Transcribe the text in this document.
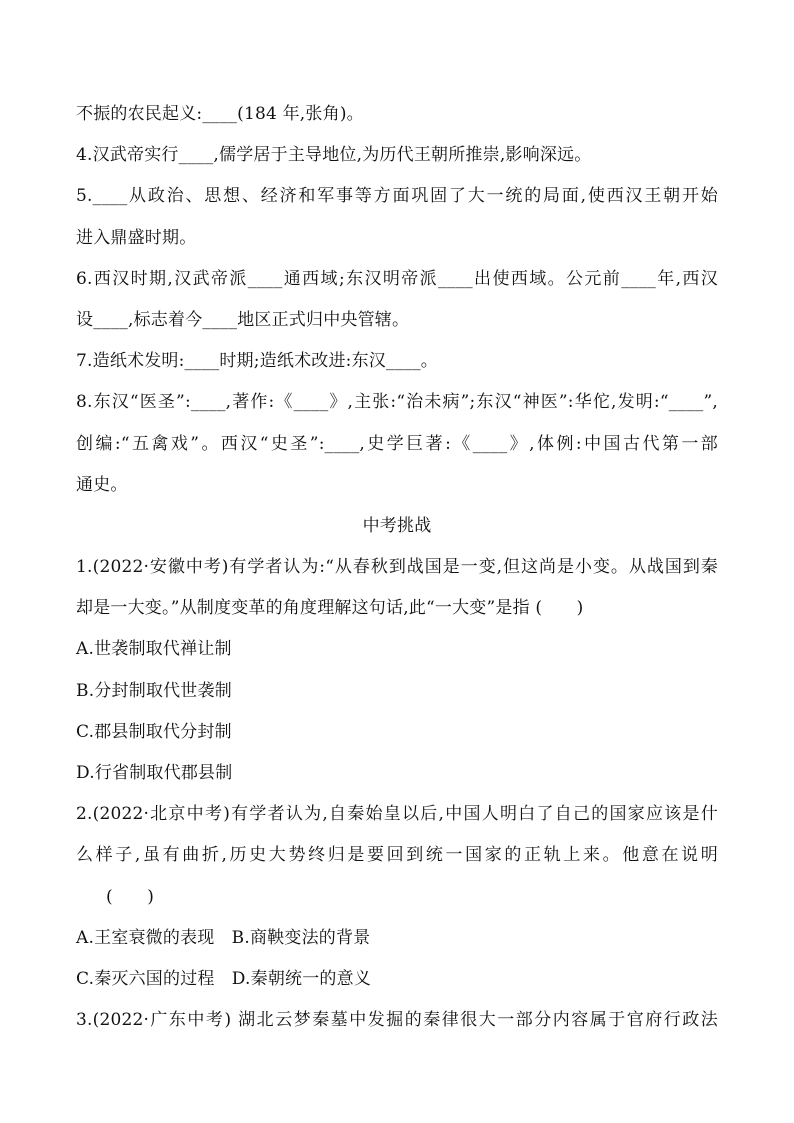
不振的农民起义:____(184 年,张角)。
4.汉武帝实行____,儒学居于主导地位,为历代王朝所推崇,影响深远。
5.____从政治、思想、经济和军事等方面巩固了大一统的局面,使西汉王朝开始
进入鼎盛时期。
6.西汉时期,汉武帝派____通西域;东汉明帝派____出使西域。公元前____年,西汉
设____,标志着今____地区正式归中央管辖。
7.造纸术发明:____时期;造纸术改进:东汉____。
8.东汉“医圣”:____,著作:《____》,主张:“治未病”;东汉“神医”:华佗,发明:“____”,
创编:“五禽戏”。西汉“史圣”:____,史学巨著:《____》,体例:中国古代第一部
通史。
中考挑战
1.(2022·安徽中考)有学者认为:“从春秋到战国是一变,但这尚是小变。从战国到秦
却是一大变。”从制度变革的角度理解这句话,此“一大变”是指 (　　)
A.世袭制取代禅让制
B.分封制取代世袭制
C.郡县制取代分封制
D.行省制取代郡县制
2.(2022·北京中考)有学者认为,自秦始皇以后,中国人明白了自己的国家应该是什
么样子,虽有曲折,历史大势终归是要回到统一国家的正轨上来。他意在说明
(　　)
A.王室衰微的表现　B.商鞅变法的背景
C.秦灭六国的过程　D.秦朝统一的意义
3.(2022·广东中考) 湖北云梦秦墓中发掘的秦律很大一部分内容属于官府行政法
